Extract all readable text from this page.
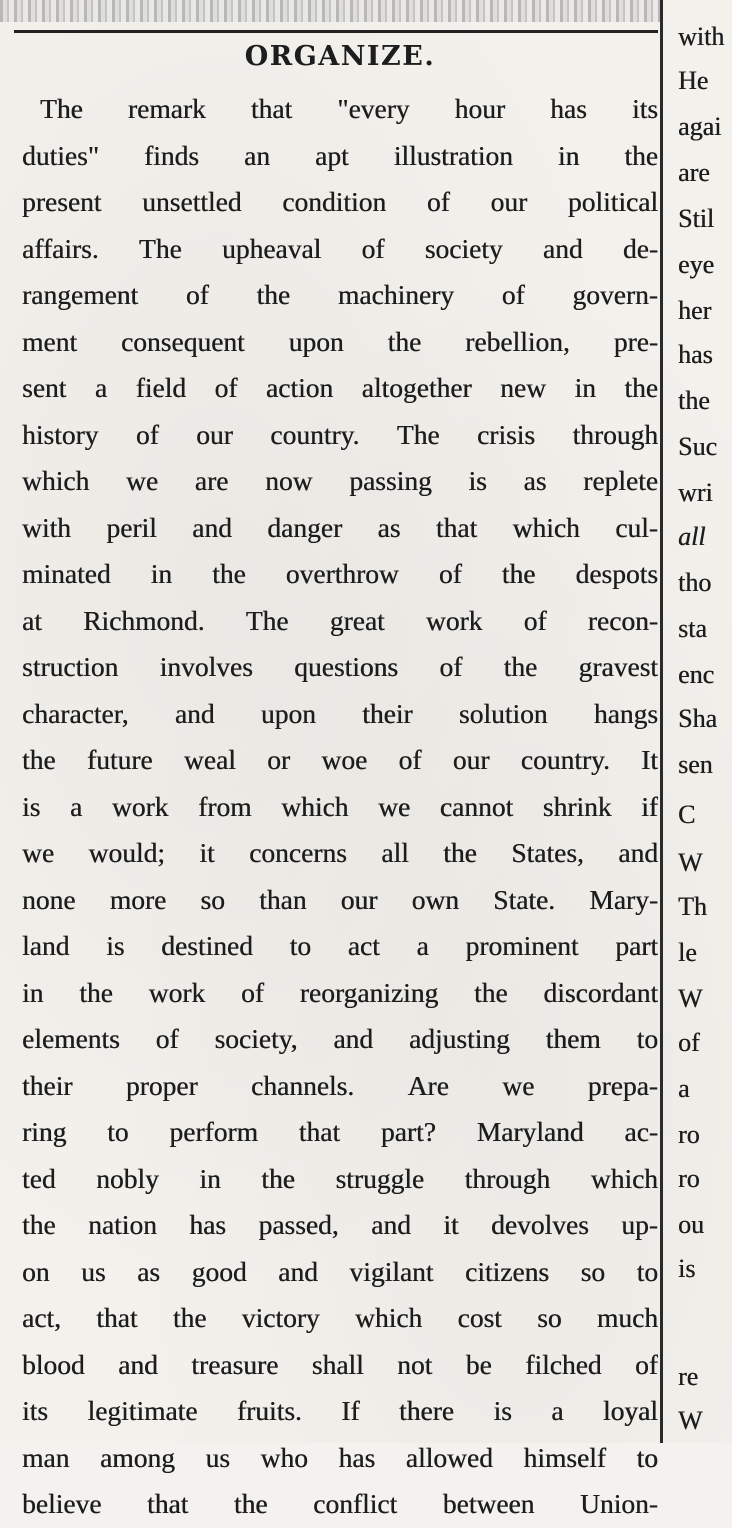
ORGANIZE.
The remark that "every hour has its
duties" finds an apt illustration in the
present unsettled condition of our political
affairs. The upheaval of society and de-
rangement of the machinery of govern-
ment consequent upon the rebellion, pre-
sent a field of action altogether new in the
history of our country. The crisis through
which we are now passing is as replete
with peril and danger as that which cul-
minated in the overthrow of the despots
at Richmond. The great work of recon-
struction involves questions of the gravest
character, and upon their solution hangs
the future weal or woe of our country. It
is a work from which we cannot shrink if
we would; it concerns all the States, and
none more so than our own State. Mary-
land is destined to act a prominent part
in the work of reorganizing the discordant
elements of society, and adjusting them to
their proper channels. Are we prepa-
ring to perform that part? Maryland ac-
ted nobly in the struggle through which
the nation has passed, and it devolves up-
on us as good and vigilant citizens so to
act, that the victory which cost so much
blood and treasure shall not be filched of
its legitimate fruits. If there is a loyal
man among us who has allowed himself to
believe that the conflict between Union-
with
He
agai
are
Stil
eye
her
has
the
Suc
wri
all
tho
sta
enc
Sha
sen
C
W
Th
le
W
of
a
ro
ro
ou
is
re
W
